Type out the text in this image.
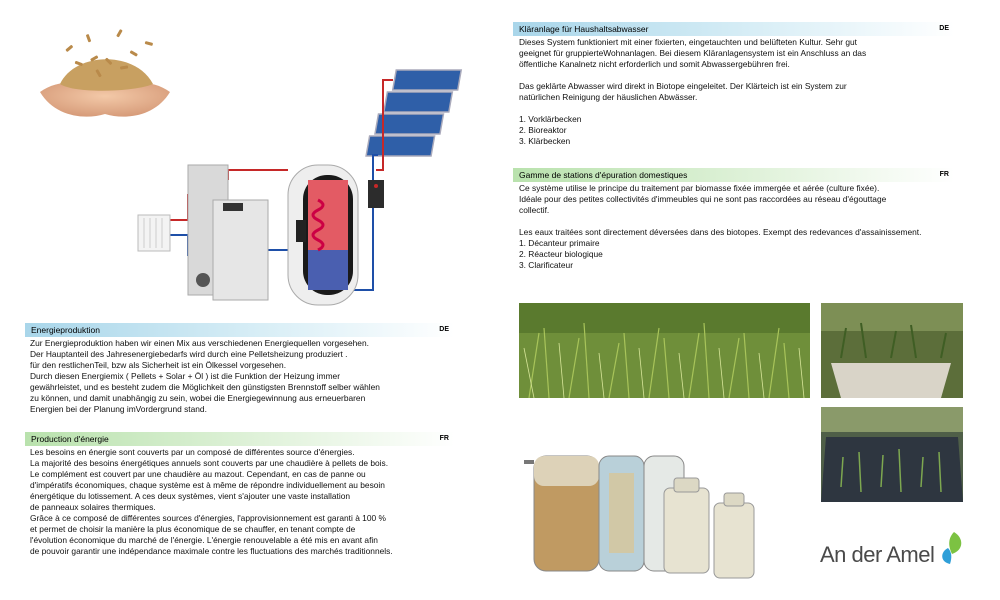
Energieproduktion	DE
Zur Energieproduktion haben wir einen Mix aus verschiedenen Energiequellen vorgesehen.
Der Hauptanteil des Jahresenergiebedarfs wird durch eine Pelletsheizung produziert .
für den restlichenTeil, bzw als Sicherheit ist ein Ölkessel vorgesehen.
Durch diesen Energiemix ( Pellets + Solar + Öl ) ist die Funktion der Heizung immer
gewährleistet, und es besteht zudem die Möglichkeit den günstigsten Brennstoff selber wählen
zu können, und damit unabhängig zu sein, wobei die Energiegewinnung aus erneuerbaren
Energien bei der Planung imVordergrund stand.
Production d'énergie	FR
Les besoins en énergie sont couverts par un composé de différentes source d'énergies.
La majorité des besoins énergétiques annuels sont couverts par une chaudière à pellets de bois.
Le complément est couvert par une chaudière au mazout. Cependant, en cas de panne ou
d'impératifs économiques, chaque système est à même de répondre individuellement au besoin
énergétique du lotissement. A ces deux systèmes, vient s'ajouter une vaste installation
de panneaux solaires thermiques.
Grâce à ce composé de différentes sources d'énergies, l'approvisionnement est garanti à 100 %
et permet de choisir la manière la plus économique de se chauffer, en tenant compte de
l'évolution économique du marché de l'énergie. L'énergie renouvelable a été mis en avant afin
de pouvoir garantir une indépendance maximale contre les fluctuations des marchés traditionnels.
Kläranlage für Haushaltsabwasser	DE
Dieses System funktioniert mit einer fixierten, eingetauchten und belüfteten Kultur. Sehr gut
geeignet für gruppierteWohnanlagen. Bei diesem Kläranlagensystem ist ein Anschluss an das
öffentliche Kanalnetz nicht erforderlich und somit Abwassergebühren frei.

Das geklärte Abwasser wird direkt in Biotope eingeleitet. Der Klärteich ist ein System zur
natürlichen Reinigung der häuslichen Abwässer.

1. Vorklärbecken
2. Bioreaktor
3. Klärbecken
Gamme de stations d'épuration domestiques	FR
Ce système utilise le principe du traitement par biomasse fixée immergée et aérée (culture fixée).
Idéale pour des petites collectivités d'immeubles qui ne sont pas raccordées au réseau d'égouttage
collectif.

Les eaux traitées sont directement déversées dans des biotopes. Exempt des redevances d'assainissement.
1. Décanteur primaire
2. Réacteur biologique
3. Clarificateur
An der Amel
